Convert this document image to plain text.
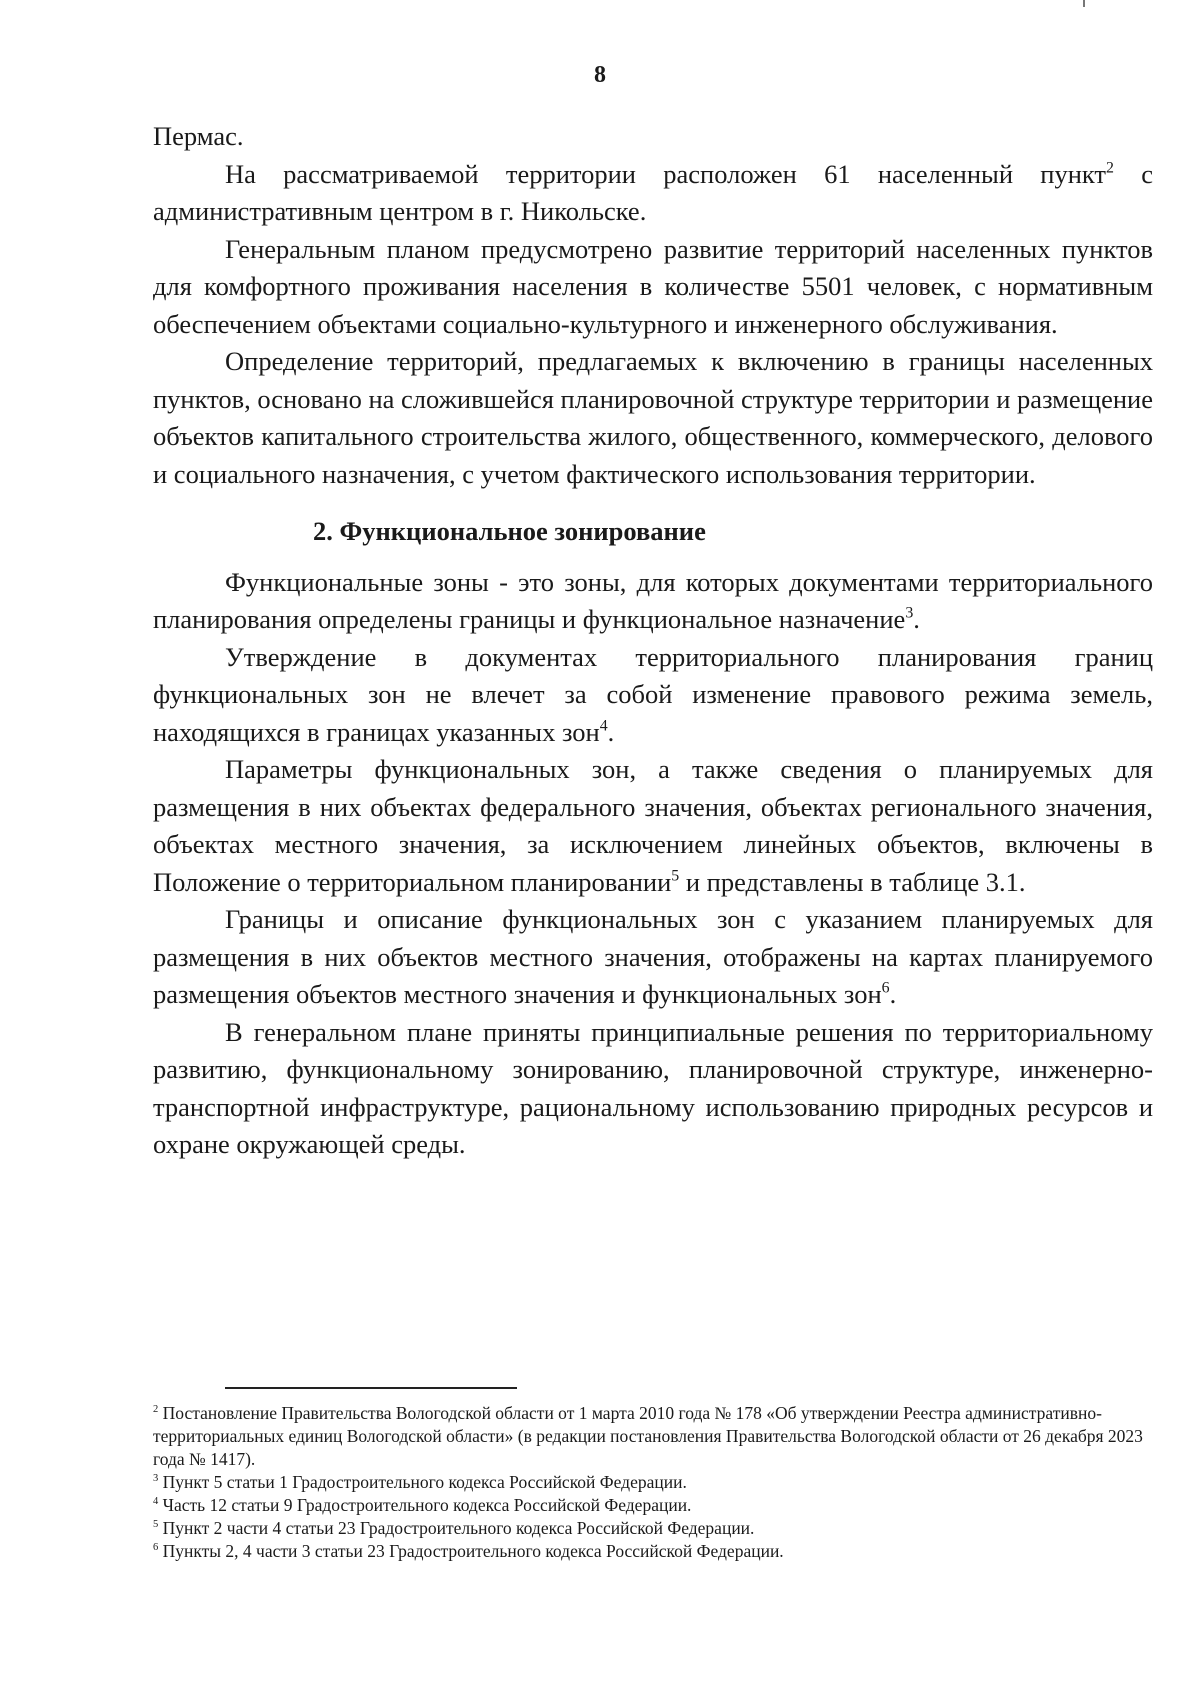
8

Пермас.

На рассматриваемой территории расположен 61 населенный пункт$^2$ с административным центром в г. Никольске.

Генеральным планом предусмотрено развитие территорий населенных пунктов для комфортного проживания населения в количестве 5501 человек, с нормативным обеспечением объектами социально-культурного и инженерного обслуживания.

Определение территорий, предлагаемых к включению в границы населенных пунктов, основано на сложившейся планировочной структуре территории и размещение объектов капитального строительства жилого, общественного, коммерческого, делового и социального назначения, с учетом фактического использования территории.

2. Функциональное зонирование

Функциональные зоны - это зоны, для которых документами территориального планирования определены границы и функциональное назначение$^3$.

Утверждение в документах территориального планирования границ функциональных зон не влечет за собой изменение правового режима земель, находящихся в границах указанных зон$^4$.

Параметры функциональных зон, а также сведения о планируемых для размещения в них объектах федерального значения, объектах регионального значения, объектах местного значения, за исключением линейных объектов, включены в Положение о территориальном планировании$^5$ и представлены в таблице 3.1.

Границы и описание функциональных зон с указанием планируемых для размещения в них объектов местного значения, отображены на картах планируемого размещения объектов местного значения и функциональных зон$^6$.

В генеральном плане приняты принципиальные решения по территориальному развитию, функциональному зонированию, планировочной структуре, инженерно-транспортной инфраструктуре, рациональному использованию природных ресурсов и охране окружающей среды.

$^2$ Постановление Правительства Вологодской области от 1 марта 2010 года № 178 «Об утверждении Реестра административно-территориальных единиц Вологодской области» (в редакции постановления Правительства Вологодской области от 26 декабря 2023 года № 1417).

$^3$ Пункт 5 статьи 1 Градостроительного кодекса Российской Федерации.

$^4$ Часть 12 статьи 9 Градостроительного кодекса Российской Федерации.

$^5$ Пункт 2 части 4 статьи 23 Градостроительного кодекса Российской Федерации.

$^6$ Пункты 2, 4 части 3 статьи 23 Градостроительного кодекса Российской Федерации.
